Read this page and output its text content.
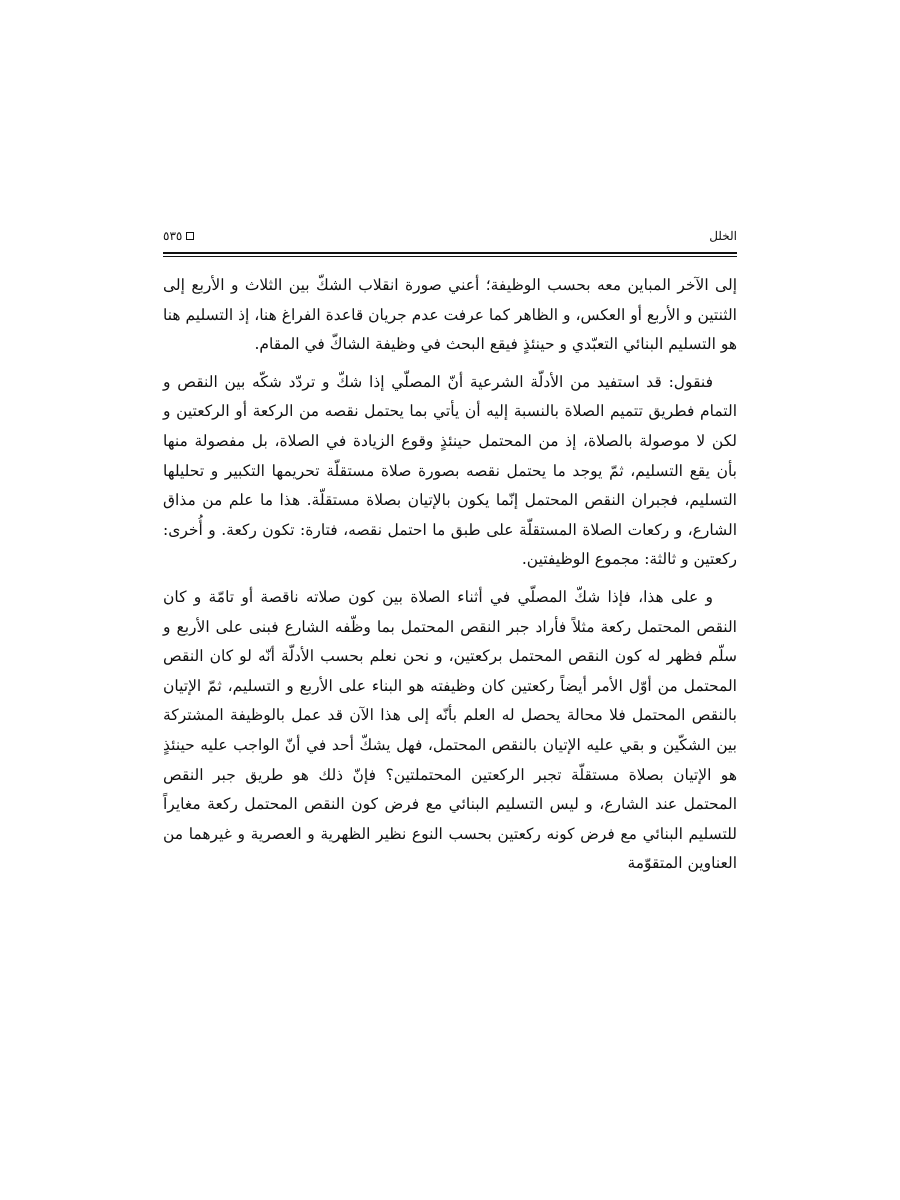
الخلل
٥٣٥

إلى الآخر المباين معه بحسب الوظيفة؛ أعني صورة انقلاب الشكّ بين الثلاث و الأربع إلى الثنتين و الأربع أو العكس، و الظاهر كما عرفت عدم جريان قاعدة الفراغ هنا، إذ التسليم هنا هو التسليم البنائي التعبّدي و حينئذٍ فيقع البحث في وظيفة الشاكّ في المقام.

فنقول: قد استفيد من الأدلّة الشرعية أنّ المصلّي إذا شكّ و تردّد شكّه بين النقص و التمام فطريق تتميم الصلاة بالنسبة إليه أن يأتي بما يحتمل نقصه من الركعة أو الركعتين و لكن لا موصولة بالصلاة، إذ من المحتمل حينئذٍ وقوع الزيادة في الصلاة، بل مفصولة منها بأن يقع التسليم، ثمّ يوجد ما يحتمل نقصه بصورة صلاة مستقلّة تحريمها التكبير و تحليلها التسليم، فجبران النقص المحتمل إنّما يكون بالإتيان بصلاة مستقلّة. هذا ما علم من مذاق الشارع، و ركعات الصلاة المستقلّة على طبق ما احتمل نقصه، فتارة: تكون ركعة. و أُخرى: ركعتين و ثالثة: مجموع الوظيفتين.

و على هذا، فإذا شكّ المصلّي في أثناء الصلاة بين كون صلاته ناقصة أو تامّة و كان النقص المحتمل ركعة مثلاً فأراد جبر النقص المحتمل بما وظّفه الشارع فبنى على الأربع و سلّم فظهر له كون النقص المحتمل بركعتين، و نحن نعلم بحسب الأدلّة أنّه لو كان النقص المحتمل من أوّل الأمر أيضاً ركعتين كان وظيفته هو البناء على الأربع و التسليم، ثمّ الإتيان بالنقص المحتمل فلا محالة يحصل له العلم بأنّه إلى هذا الآن قد عمل بالوظيفة المشتركة بين الشكّين و بقي عليه الإتيان بالنقص المحتمل، فهل يشكّ أحد في أنّ الواجب عليه حينئذٍ هو الإتيان بصلاة مستقلّة تجبر الركعتين المحتملتين؟ فإنّ ذلك هو طريق جبر النقص المحتمل عند الشارع، و ليس التسليم البنائي مع فرض كون النقص المحتمل ركعة مغايراً للتسليم البنائي مع فرض كونه ركعتين بحسب النوع نظير الظهرية و العصرية و غيرهما من العناوين المتقوّمة
